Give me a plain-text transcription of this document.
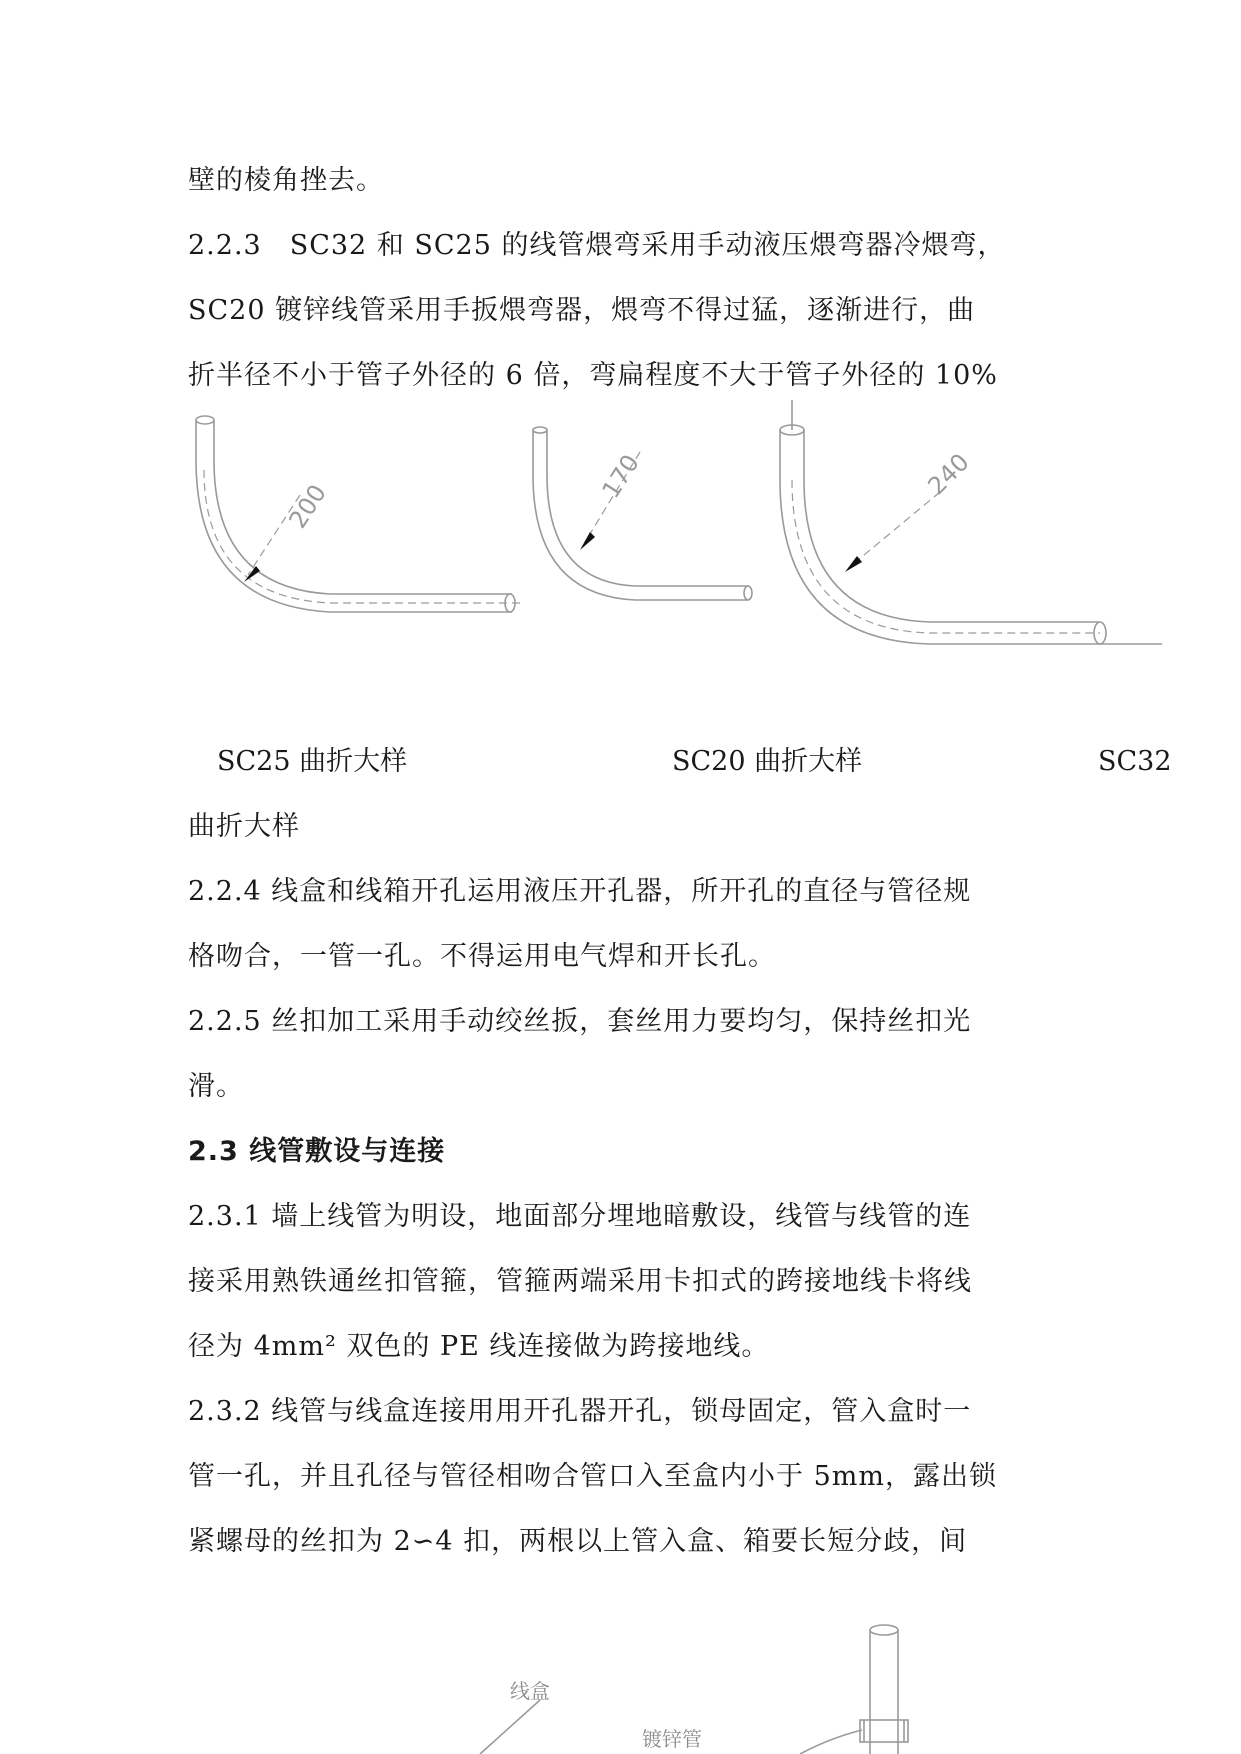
壁的棱角挫去。

2.2.3　SC32 和 SC25 的线管煨弯采用手动液压煨弯器冷煨弯，

SC20 镀锌线管采用手扳煨弯器，煨弯不得过猛，逐渐进行，曲

折半径不小于管子外径的 6 倍，弯扁程度不大于管子外径的 10%

200
170	240
SC25 曲折大样	SC20 曲折大样	SC32

曲折大样

2.2.4 线盒和线箱开孔运用液压开孔器，所开孔的直径与管径规

格吻合，一管一孔。不得运用电气焊和开长孔。

2.2.5 丝扣加工采用手动绞丝扳，套丝用力要均匀，保持丝扣光

滑。

2.3 线管敷设与连接

2.3.1 墙上线管为明设，地面部分埋地暗敷设，线管与线管的连

接采用熟铁通丝扣管箍，管箍两端采用卡扣式的跨接地线卡将线

径为 4mm² 双色的 PE 线连接做为跨接地线。

2.3.2 线管与线盒连接用用开孔器开孔，锁母固定，管入盒时一

管一孔，并且孔径与管径相吻合管口入至盒内小于 5mm，露出锁

紧螺母的丝扣为 2∽4 扣，两根以上管入盒、箱要长短分歧，间

线盒
镀锌管
